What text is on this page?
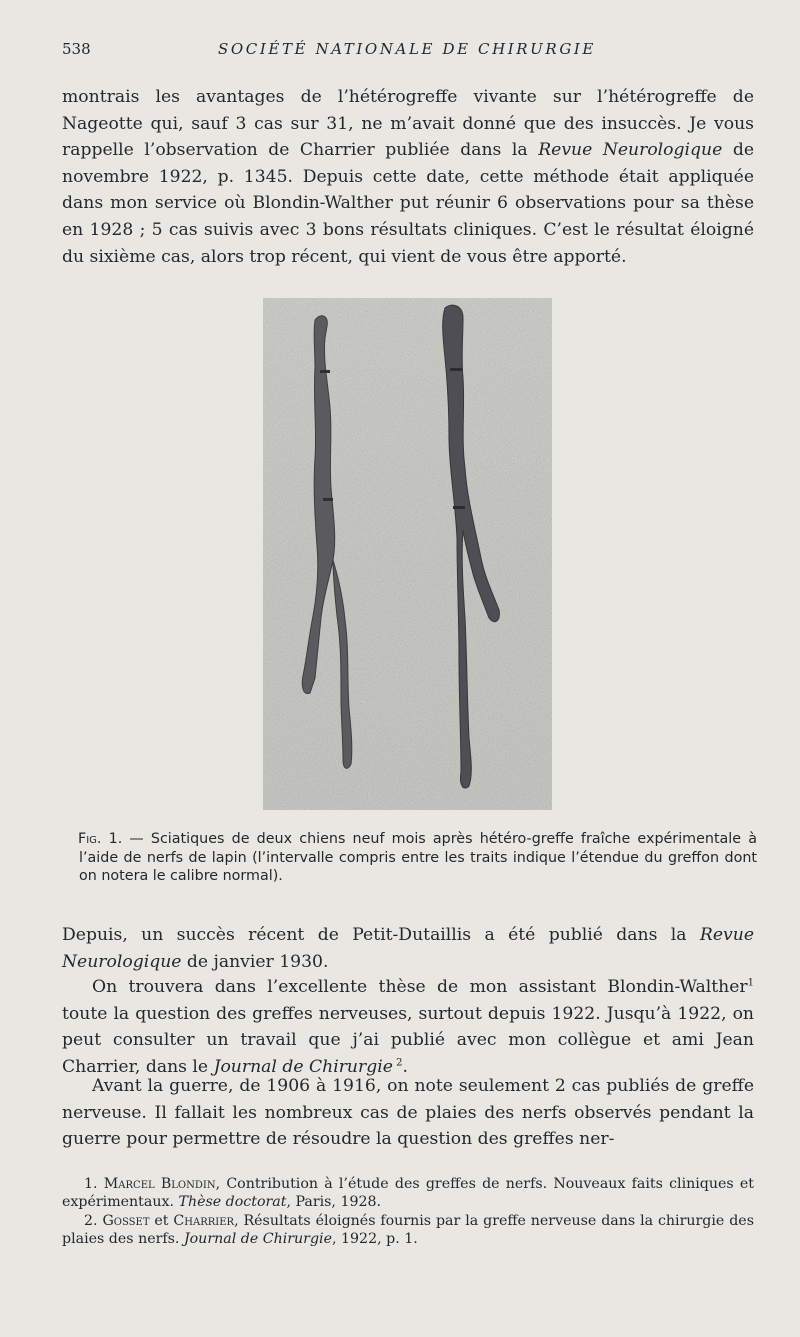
538	SOCIÉTÉ NATIONALE DE CHIRURGIE

montrais les avantages de l’hétérogreffe vivante sur l’hétérogreffe de Nageotte qui, sauf 3 cas sur 31, ne m’avait donné que des insuccès. Je vous rappelle l’observation de Charrier publiée dans la Revue Neurologique de novembre 1922, p. 1345. Depuis cette date, cette méthode était appliquée dans mon service où Blondin-Walther put réunir 6 observations pour sa thèse en 1928 ; 5 cas suivis avec 3 bons résultats cliniques. C’est le résultat éloigné du sixième cas, alors trop récent, qui vient de vous être apporté.

Fig. 1. — Sciatiques de deux chiens neuf mois après hétéro-greffe fraîche expérimentale à l’aide de nerfs de lapin (l’intervalle compris entre les traits indique l’étendue du greffon dont on notera le calibre normal).

Depuis, un succès récent de Petit-Dutaillis a été publié dans la Revue Neurologique de janvier 1930.

On trouvera dans l’excellente thèse de mon assistant Blondin-Walther$^1$ toute la question des greffes nerveuses, surtout depuis 1922. Jusqu’à 1922, on peut consulter un travail que j’ai publié avec mon collègue et ami Jean Charrier, dans le Journal de Chirurgie $^2$.

Avant la guerre, de 1906 à 1916, on note seulement 2 cas publiés de greffe nerveuse. Il fallait les nombreux cas de plaies des nerfs observés pendant la guerre pour permettre de résoudre la question des greffes ner-

1. Marcel Blondin, Contribution à l’étude des greffes de nerfs. Nouveaux faits cliniques et expérimentaux. Thèse doctorat, Paris, 1928.

2. Gosset et Charrier, Résultats éloignés fournis par la greffe nerveuse dans la chirurgie des plaies des nerfs. Journal de Chirurgie, 1922, p. 1.
